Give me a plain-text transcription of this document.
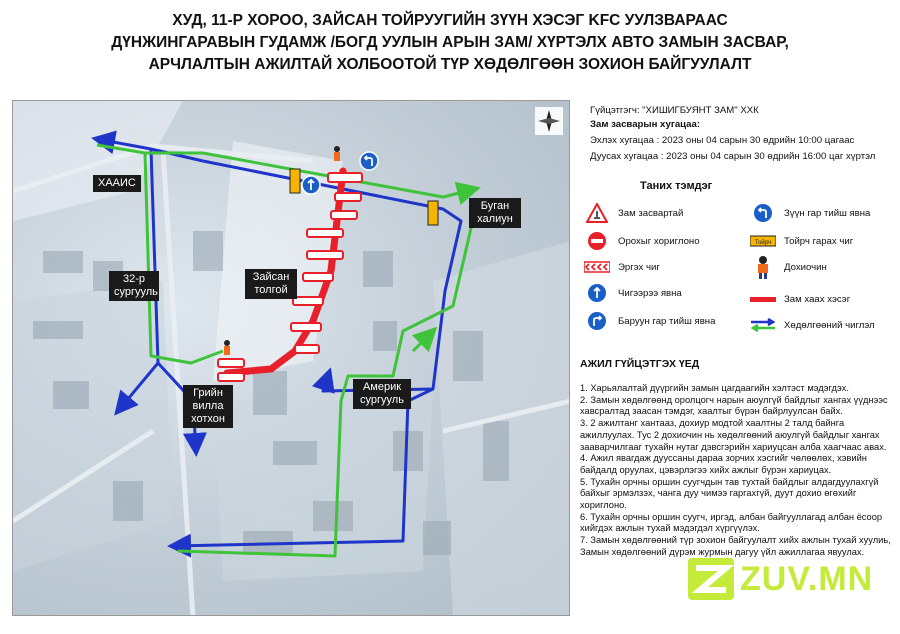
ХУД, 11-Р ХОРОО, ЗАЙСАН ТОЙРУУГИЙН ЗҮҮН ХЭСЭГ KFC УУЛЗВАРААС
ДҮНЖИНГАРАВЫН ГУДАМЖ /БОГД УУЛЫН АРЫН ЗАМ/ ХҮРТЭЛХ АВТО ЗАМЫН ЗАСВАР,
АРЧЛАЛТЫН АЖИЛТАЙ ХОЛБООТОЙ ТҮР ХӨДӨЛГӨӨН ЗОХИОН БАЙГУУЛАЛТ
ХААИС
32-р сургууль
Зайсан толгой
Буган халиун
Америк сургууль
Грийн вилла хотхон
Гүйцэтгэгч: "ХИШИГБУЯНТ ЗАМ" ХХК
Зам засварын хугацаа:
Эхлэх хугацаа : 2023 оны 04 сарын 30 өдрийн 10:00 цагаас
Дуусах хугацаа : 2023 оны 04 сарын 30 өдрийн 16:00 цаг хүртэл
Таних тэмдэг
Зам засвартай
Орохыг хориглоно
Эргэх чиг
Чигээрээ явна
Баруун гар тийш явна
Зүүн гар тийш явна
Тойрч Тойрч гарах чиг
Дохиочин
Зам хаах хэсэг
Хөдөлгөөний чиглэл
АЖИЛ ГҮЙЦЭТГЭХ ҮЕД

1. Харьялалтай дүүргийн замын цагдаагийн хэлтэст мэдэгдэх.

2. Замын хөдөлгөөнд оролцогч нарын аюулгүй байдлыг хангах үүднээс хавсралтад заасан тэмдэг, хаалтыг бүрэн байрлуулсан байх.

3. 2 ажилтанг хантааз, дохиур модтой хаалтны 2 талд байнга ажиллуулах. Тус 2 дохиочин нь хөдөлгөөний аюулгүй байдлыг хангах зааварчилгааг тухайн нутаг дэвсгэрийн хариуцсан алба хаагчаас авах.

4. Ажил явагдаж дууссаны дараа зорчих хэсгийг чөлөөлөх, хэвийн байдалд оруулах, цэвэрлэгээ хийх ажлыг бүрэн хариуцах.

5. Тухайн орчны оршин суугчдын тав тухтай байдлыг алдагдуулахгүй байхыг эрмэлзэх, чанга дуу чимээ гаргахгүй, дуут дохио өгөхийг хориглоно.

6. Тухайн орчны оршин суугч, иргэд, албан байгууллагад албан ёсоор хийгдэх ажлын тухай мэдэгдэл хүргүүлэх.

7. Замын хөдөлгөөний түр зохион байгуулалт хийх ажлын тухай хуулиь, Замын хөдөлгөөний дүрэм журмын дагуу үйл ажиллагаа явуулах.

ZUV.MN
